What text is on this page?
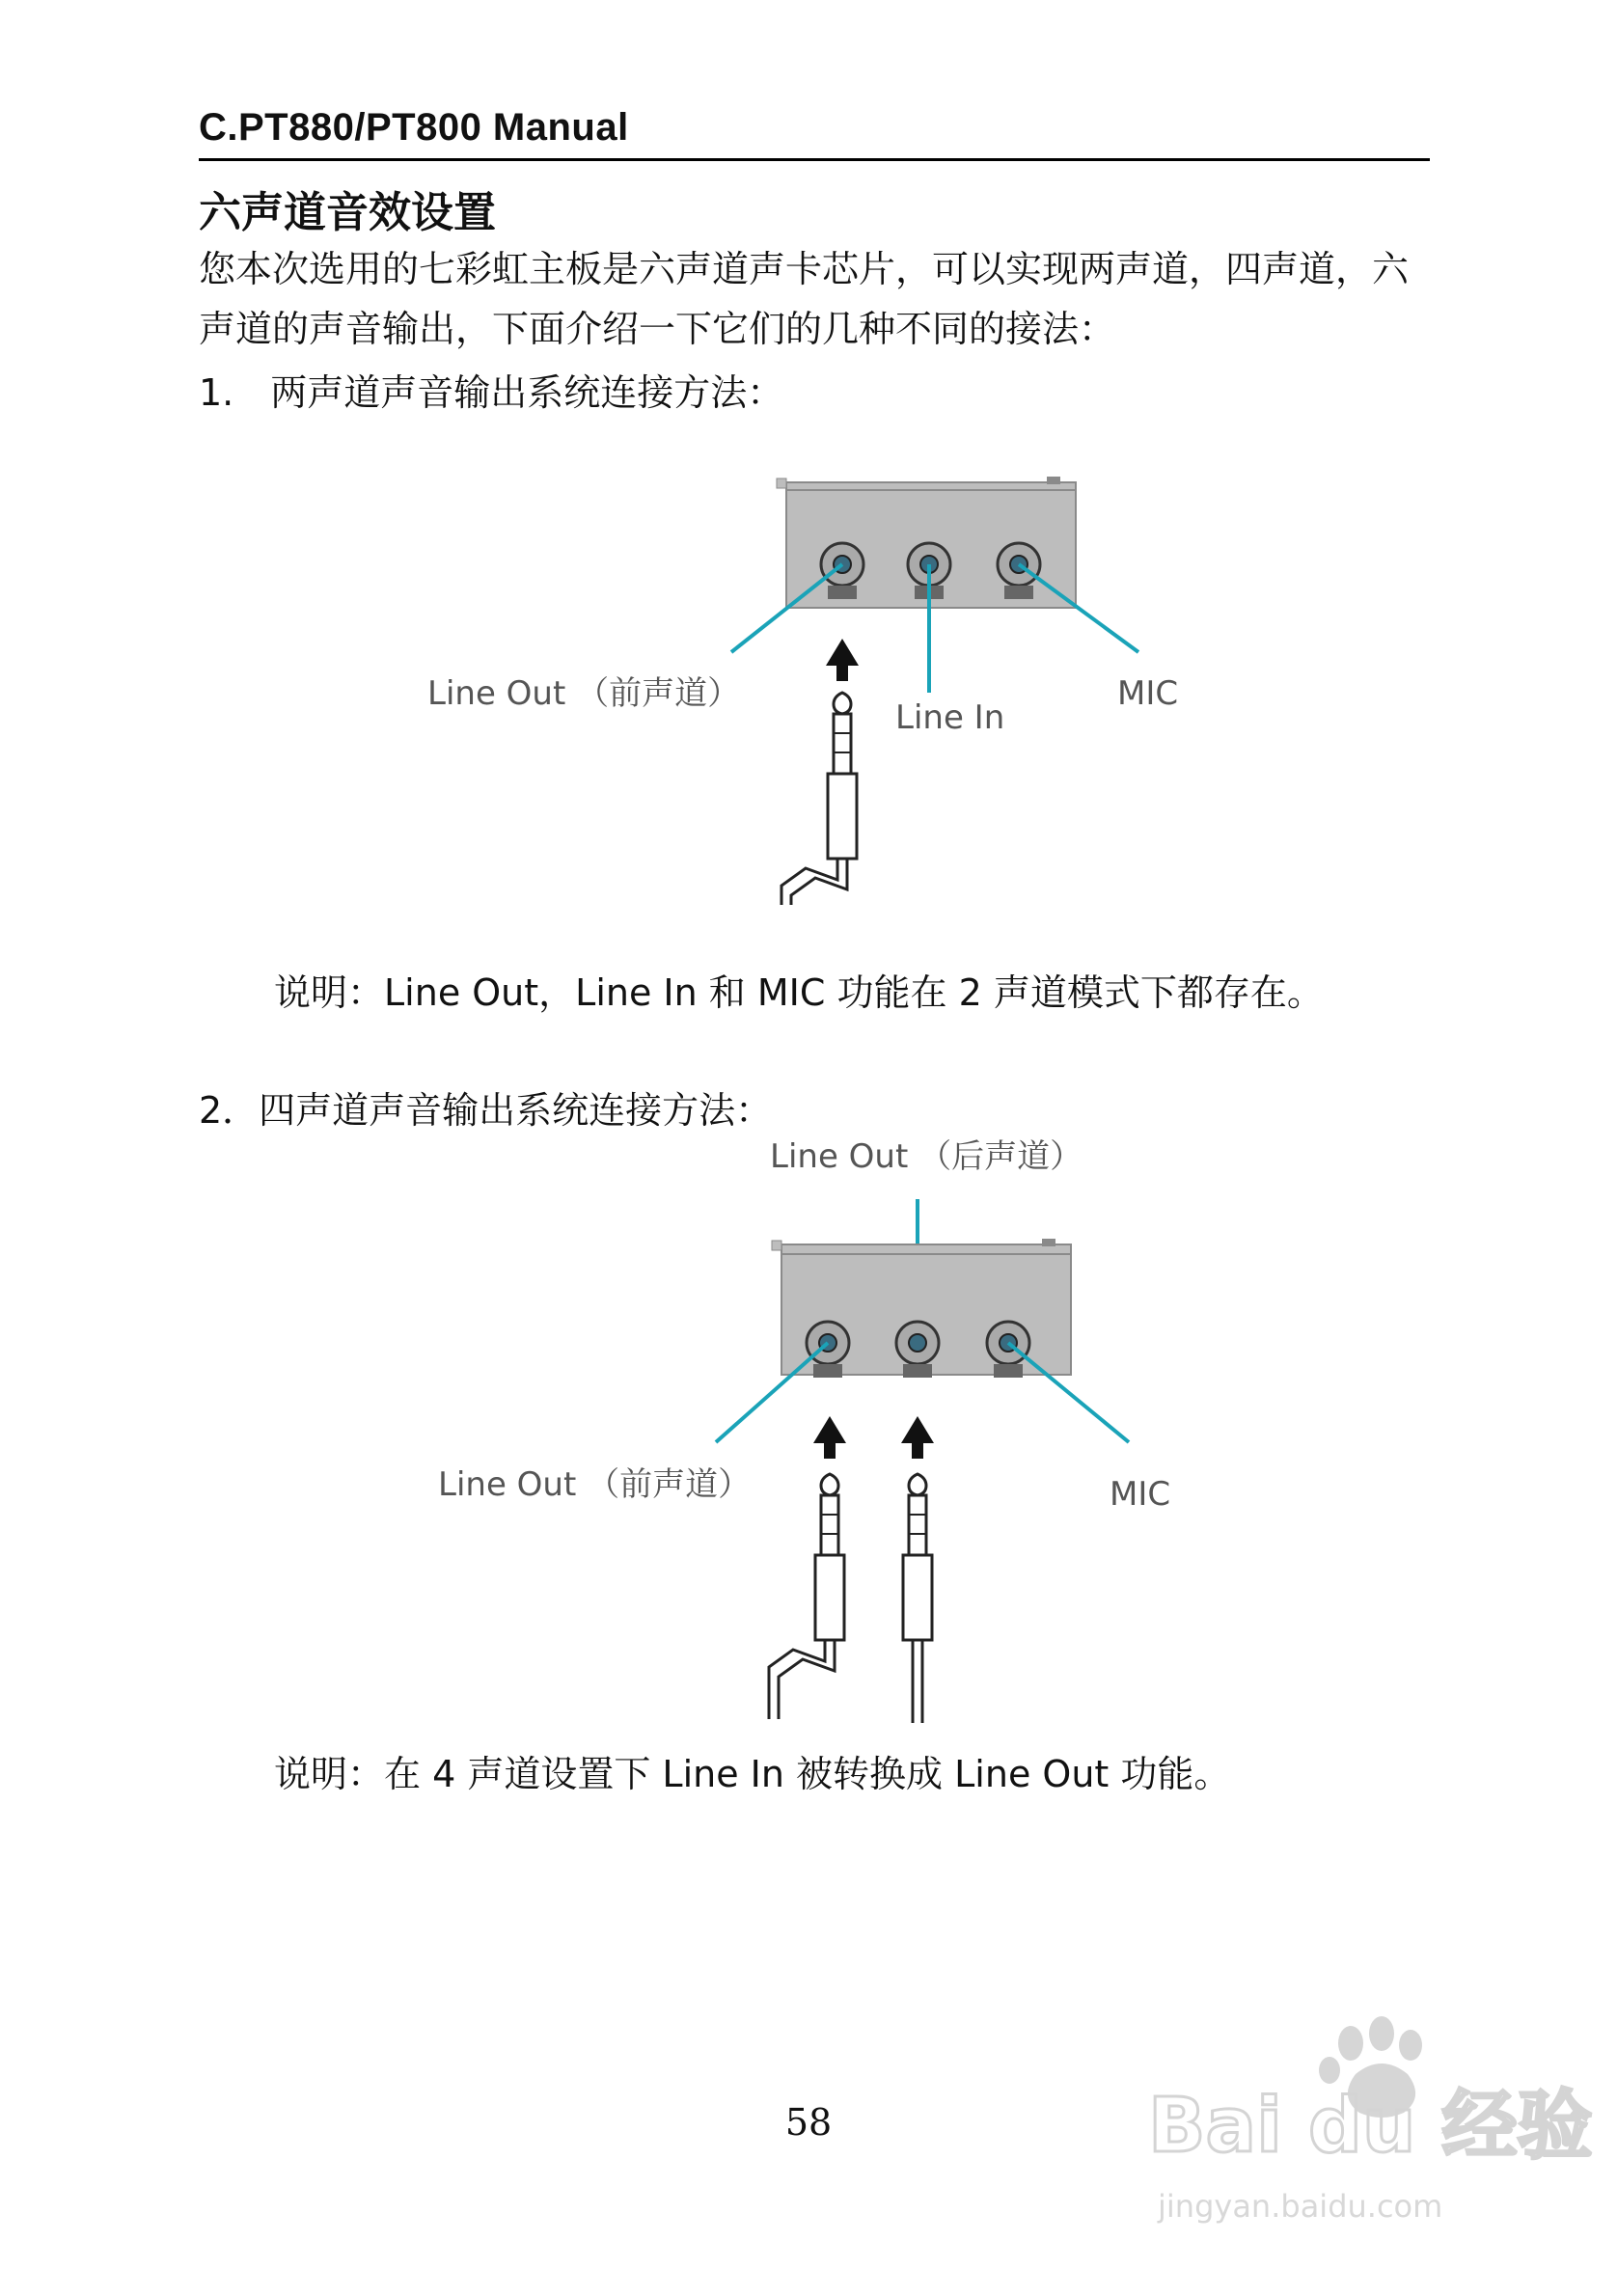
C.PT880/PT800 Manual
六声道音效设置
您本次选用的七彩虹主板是六声道声卡芯片，可以实现两声道，四声道，六声道的声音输出，下面介绍一下它们的几种不同的接法：
1.　两声道声音输出系统连接方法：
Line Out （前声道）
Line In
MIC
说明：Line Out，Line In 和 MIC 功能在 2 声道模式下都存在。
2．四声道声音输出系统连接方法：
Line Out （后声道）
Line Out （前声道）	MIC
说明：在 4 声道设置下 Line In 被转换成 Line Out 功能。
58	Bai du 经验
jingyan.baidu.com
